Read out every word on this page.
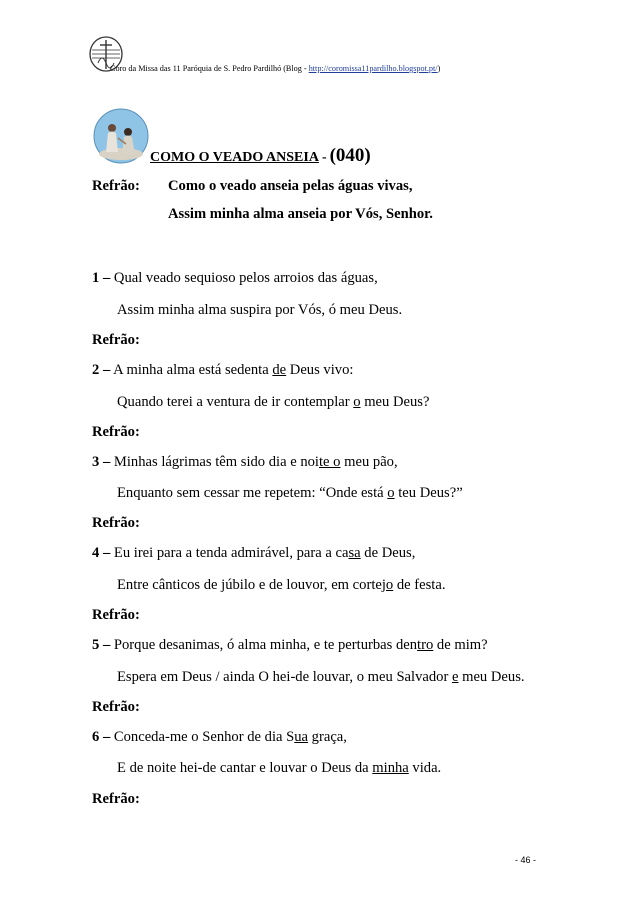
Coro da Missa das 11 Paróquia de S. Pedro Pardilhó (Blog - http://coromissa11pardilho.blogspot.pt/)
COMO O VEADO ANSEIA - (040)
Refrão: Como o veado anseia pelas águas vivas,
Assim minha alma anseia por Vós, Senhor.
1 – Qual veado sequioso pelos arroios das águas,
Assim minha alma suspira por Vós, ó meu Deus.
Refrão:
2 – A minha alma está sedenta de Deus vivo:
Quando terei a ventura de ir contemplar o meu Deus?
Refrão:
3 – Minhas lágrimas têm sido dia e noite o meu pão,
Enquanto sem cessar me repetem: “Onde está o teu Deus?”
Refrão:
4 – Eu irei para a tenda admirável, para a casa de Deus,
Entre cânticos de júbilo e de louvor, em cortejo de festa.
Refrão:
5 – Porque desanimas, ó alma minha, e te perturbas dentro de mim?
Espera em Deus / ainda O hei-de louvar, o meu Salvador e meu Deus.
Refrão:
6 – Conceda-me o Senhor de dia Sua graça,
E de noite hei-de cantar e louvar o Deus da minha vida.
Refrão:
- 46 -
